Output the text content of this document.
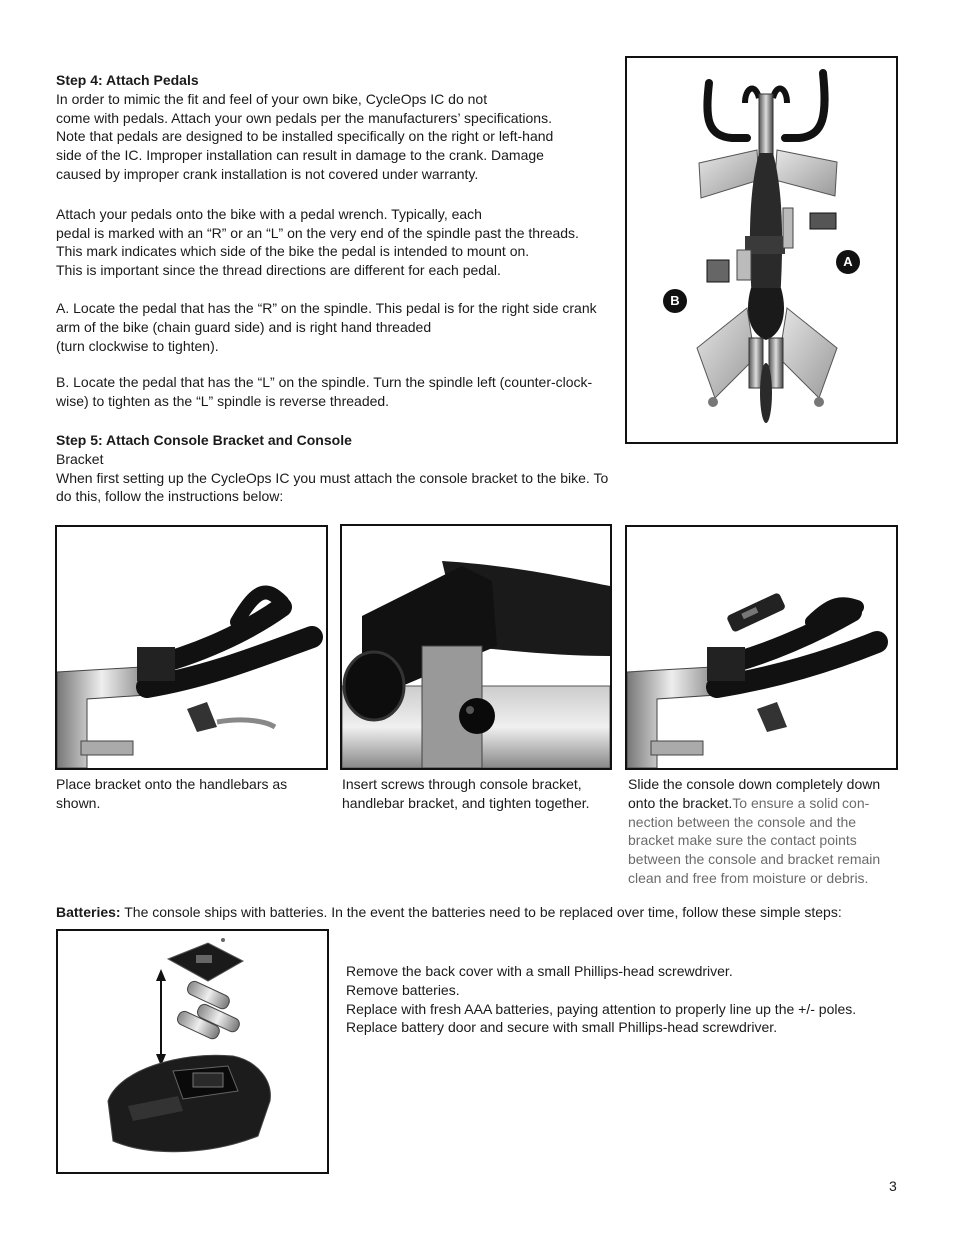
Step 4: Attach Pedals

In order to mimic the fit and feel of your own bike, CycleOps IC do not

come with pedals. Attach your own pedals per the manufacturers’ specifications.

Note that pedals are designed to be installed specifically on the right or left-hand

side of the IC. Improper installation can result in damage to the crank. Damage

caused by improper crank installation is not covered under warranty.

Attach your pedals onto the bike with a pedal wrench. Typically, each

pedal is marked with an “R” or an “L” on the very end of the spindle past the threads.

This mark indicates which side of the bike the pedal is intended to mount on.

This is important since the thread directions are different for each pedal.

A. Locate the pedal that has the “R” on the spindle. This pedal is for the right side crank

arm of the bike (chain guard side) and is right hand threaded

(turn clockwise to tighten).

B. Locate the pedal that has the “L” on the spindle. Turn the spindle left (counter-clock-

wise) to tighten as the “L” spindle is reverse threaded.

Step 5: Attach Console Bracket and Console

Bracket

When first setting up the CycleOps IC you must attach the console bracket to the bike. To

do this, follow the instructions below:

A
B

Place bracket onto the handlebars as

shown.

Insert screws through console bracket,

handlebar bracket, and tighten together.

Slide the console down completely down

onto the bracket.To ensure a solid con-

nection between the console and the

bracket make sure the contact points

between the console and bracket remain

clean and free from moisture or debris.

Batteries: The console ships with batteries. In the event the batteries need to be replaced over time, follow these simple steps:

Remove the back cover with a small Phillips-head screwdriver.

Remove batteries.

Replace with fresh AAA batteries, paying attention to properly line up the +/- poles.

Replace battery door and secure with small Phillips-head screwdriver.

3
